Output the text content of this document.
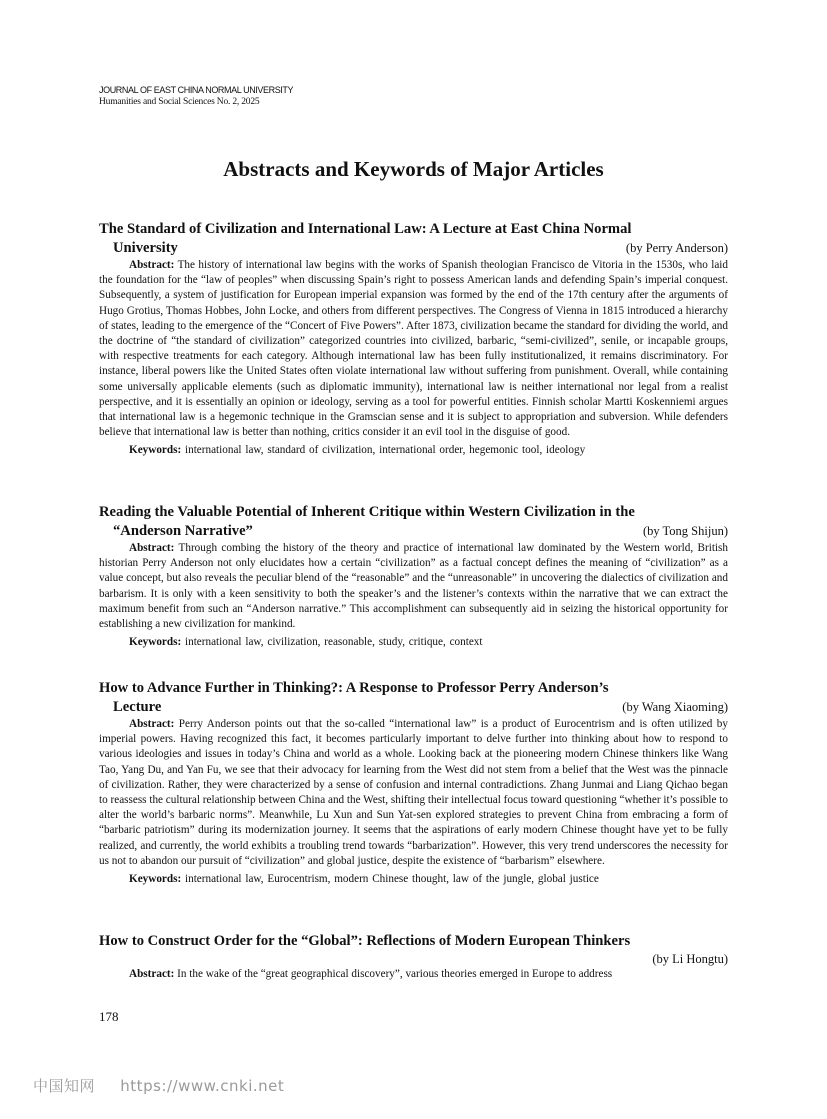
JOURNAL OF EAST CHINA NORMAL UNIVERSITY
Humanities and Social Sciences No. 2, 2025
Abstracts and Keywords of Major Articles
The Standard of Civilization and International Law: A Lecture at East China Normal
University	(by Perry Anderson)

Abstract: The history of international law begins with the works of Spanish theologian Francisco de Vitoria in the 1530s, who laid the foundation for the “law of peoples” when discussing Spain’s right to possess American lands and defending Spain’s imperial conquest. Subsequently, a system of justification for European imperial expansion was formed by the end of the 17th century after the arguments of Hugo Grotius, Thomas Hobbes, John Locke, and others from different perspectives. The Congress of Vienna in 1815 introduced a hierarchy of states, leading to the emergence of the “Concert of Five Powers”. After 1873, civilization became the standard for dividing the world, and the doctrine of “the standard of civilization” categorized countries into civilized, barbaric, “semi-civilized”, senile, or incapable groups, with respective treatments for each category. Although international law has been fully institutionalized, it remains discriminatory. For instance, liberal powers like the United States often violate international law without suffering from punishment. Overall, while containing some universally applicable elements (such as diplomatic immunity), international law is neither international nor legal from a realist perspective, and it is essentially an opinion or ideology, serving as a tool for powerful entities. Finnish scholar Martti Koskenniemi argues that international law is a hegemonic technique in the Gramscian sense and it is subject to appropriation and subversion. While defenders believe that international law is better than nothing, critics consider it an evil tool in the disguise of good.

Keywords: international law, standard of civilization, international order, hegemonic tool, ideology
Reading the Valuable Potential of Inherent Critique within Western Civilization in the
“Anderson Narrative”	(by Tong Shijun)

Abstract: Through combing the history of the theory and practice of international law dominated by the Western world, British historian Perry Anderson not only elucidates how a certain “civilization” as a factual concept defines the meaning of “civilization” as a value concept, but also reveals the peculiar blend of the “reasonable” and the “unreasonable” in uncovering the dialectics of civilization and barbarism. It is only with a keen sensitivity to both the speaker’s and the listener’s contexts within the narrative that we can extract the maximum benefit from such an “Anderson narrative.” This accomplishment can subsequently aid in seizing the historical opportunity for establishing a new civilization for mankind.

Keywords: international law, civilization, reasonable, study, critique, context
How to Advance Further in Thinking?: A Response to Professor Perry Anderson’s
Lecture	(by Wang Xiaoming)

Abstract: Perry Anderson points out that the so-called “international law” is a product of Eurocentrism and is often utilized by imperial powers. Having recognized this fact, it becomes particularly important to delve further into thinking about how to respond to various ideologies and issues in today’s China and world as a whole. Looking back at the pioneering modern Chinese thinkers like Wang Tao, Yang Du, and Yan Fu, we see that their advocacy for learning from the West did not stem from a belief that the West was the pinnacle of civilization. Rather, they were characterized by a sense of confusion and internal contradictions. Zhang Junmai and Liang Qichao began to reassess the cultural relationship between China and the West, shifting their intellectual focus toward questioning “whether it’s possible to alter the world’s barbaric norms”. Meanwhile, Lu Xun and Sun Yat-sen explored strategies to prevent China from embracing a form of “barbaric patriotism” during its modernization journey. It seems that the aspirations of early modern Chinese thought have yet to be fully realized, and currently, the world exhibits a troubling trend towards “barbarization”. However, this very trend underscores the necessity for us not to abandon our pursuit of “civilization” and global justice, despite the existence of “barbarism” elsewhere.

Keywords: international law, Eurocentrism, modern Chinese thought, law of the jungle, global justice
How to Construct Order for the “Global”: Reflections of Modern European Thinkers
(by Li Hongtu)

Abstract: In the wake of the “great geographical discovery”, various theories emerged in Europe to address

178
中国知网 https://www.cnki.net
